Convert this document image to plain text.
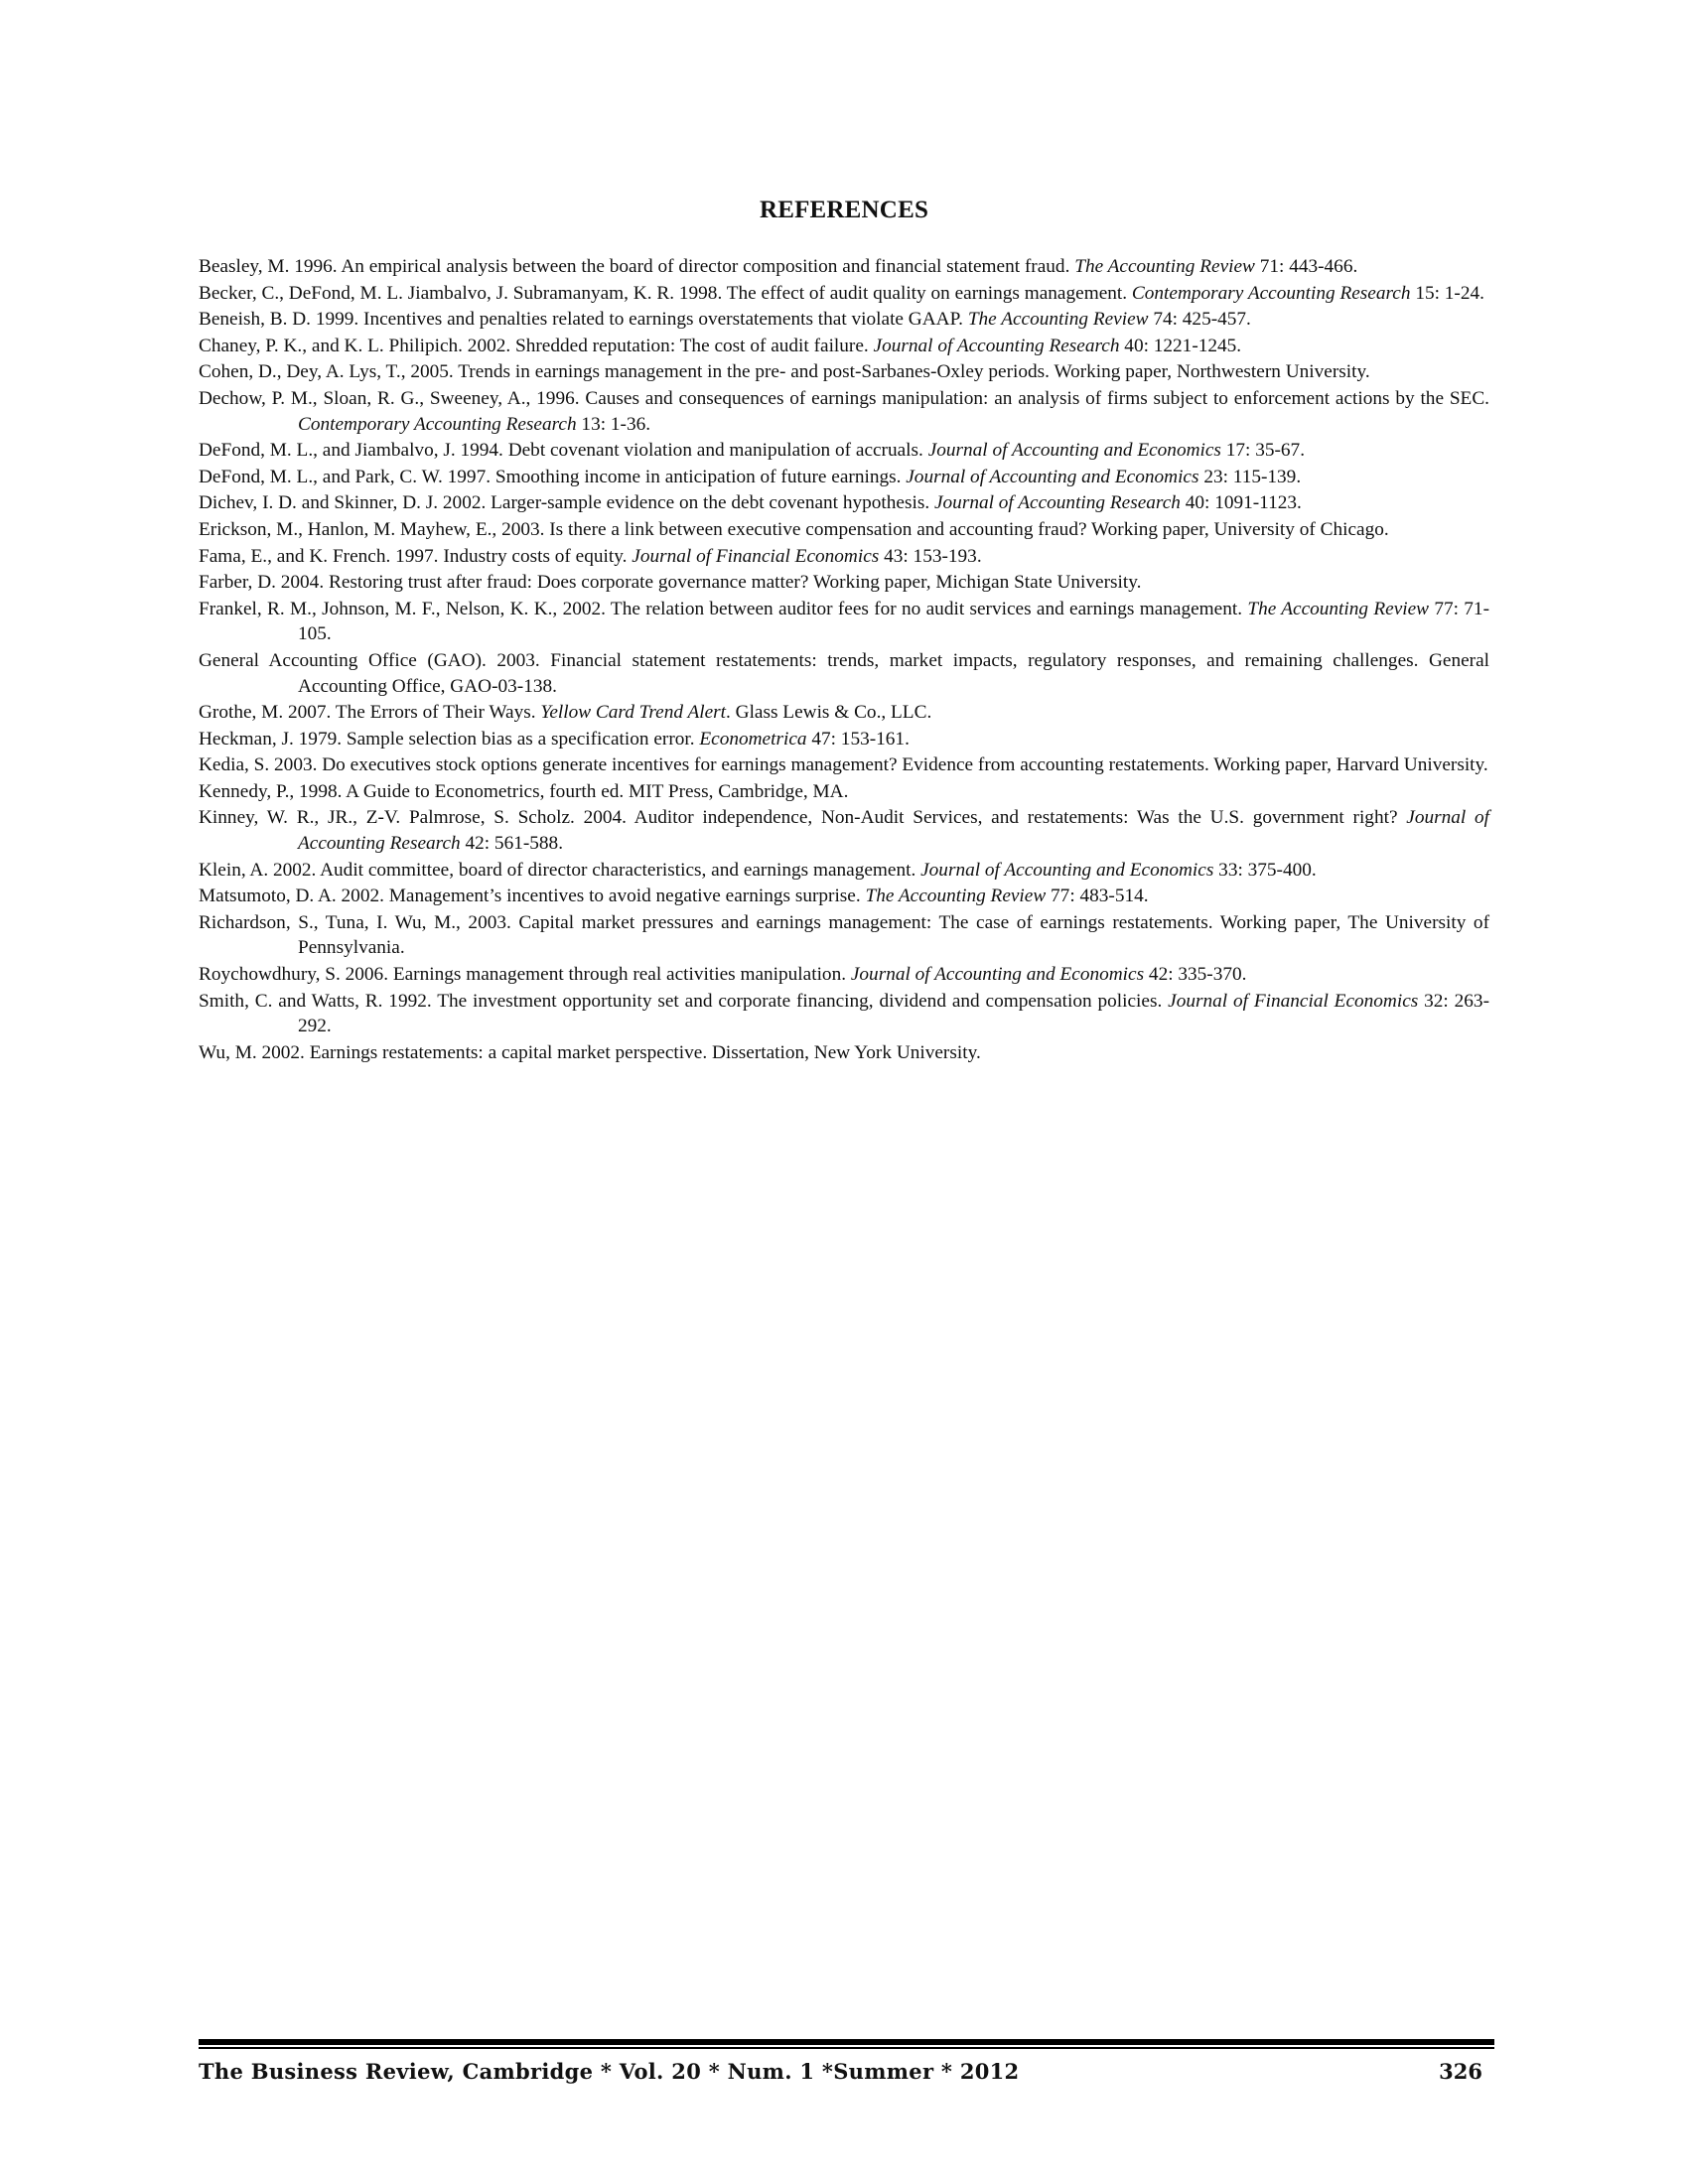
REFERENCES
Beasley, M. 1996. An empirical analysis between the board of director composition and financial statement fraud. The Accounting Review 71: 443-466.
Becker, C., DeFond, M. L. Jiambalvo, J. Subramanyam, K. R. 1998. The effect of audit quality on earnings management. Contemporary Accounting Research 15: 1-24.
Beneish, B. D. 1999. Incentives and penalties related to earnings overstatements that violate GAAP. The Accounting Review 74: 425-457.
Chaney, P. K., and K. L. Philipich. 2002. Shredded reputation: The cost of audit failure. Journal of Accounting Research 40: 1221-1245.
Cohen, D., Dey, A. Lys, T., 2005. Trends in earnings management in the pre- and post-Sarbanes-Oxley periods. Working paper, Northwestern University.
Dechow, P. M., Sloan, R. G., Sweeney, A., 1996. Causes and consequences of earnings manipulation: an analysis of firms subject to enforcement actions by the SEC. Contemporary Accounting Research 13: 1-36.
DeFond, M. L., and Jiambalvo, J. 1994. Debt covenant violation and manipulation of accruals. Journal of Accounting and Economics 17: 35-67.
DeFond, M. L., and Park, C. W. 1997. Smoothing income in anticipation of future earnings. Journal of Accounting and Economics 23: 115-139.
Dichev, I. D. and Skinner, D. J. 2002. Larger-sample evidence on the debt covenant hypothesis. Journal of Accounting Research 40: 1091-1123.
Erickson, M., Hanlon, M. Mayhew, E., 2003. Is there a link between executive compensation and accounting fraud? Working paper, University of Chicago.
Fama, E., and K. French. 1997. Industry costs of equity. Journal of Financial Economics 43: 153-193.
Farber, D. 2004. Restoring trust after fraud: Does corporate governance matter? Working paper, Michigan State University.
Frankel, R. M., Johnson, M. F., Nelson, K. K., 2002. The relation between auditor fees for no audit services and earnings management. The Accounting Review 77: 71-105.
General Accounting Office (GAO). 2003. Financial statement restatements: trends, market impacts, regulatory responses, and remaining challenges. General Accounting Office, GAO-03-138.
Grothe, M. 2007. The Errors of Their Ways. Yellow Card Trend Alert. Glass Lewis & Co., LLC.
Heckman, J. 1979. Sample selection bias as a specification error. Econometrica 47: 153-161.
Kedia, S. 2003. Do executives stock options generate incentives for earnings management? Evidence from accounting restatements. Working paper, Harvard University.
Kennedy, P., 1998. A Guide to Econometrics, fourth ed. MIT Press, Cambridge, MA.
Kinney, W. R., JR., Z-V. Palmrose, S. Scholz. 2004. Auditor independence, Non-Audit Services, and restatements: Was the U.S. government right? Journal of Accounting Research 42: 561-588.
Klein, A. 2002. Audit committee, board of director characteristics, and earnings management. Journal of Accounting and Economics 33: 375-400.
Matsumoto, D. A. 2002. Management’s incentives to avoid negative earnings surprise. The Accounting Review 77: 483-514.
Richardson, S., Tuna, I. Wu, M., 2003. Capital market pressures and earnings management: The case of earnings restatements. Working paper, The University of Pennsylvania.
Roychowdhury, S. 2006. Earnings management through real activities manipulation. Journal of Accounting and Economics 42: 335-370.
Smith, C. and Watts, R. 1992. The investment opportunity set and corporate financing, dividend and compensation policies. Journal of Financial Economics 32: 263-292.
Wu, M. 2002. Earnings restatements: a capital market perspective. Dissertation, New York University.
The Business Review, Cambridge * Vol. 20 * Num. 1 *Summer * 2012	326
